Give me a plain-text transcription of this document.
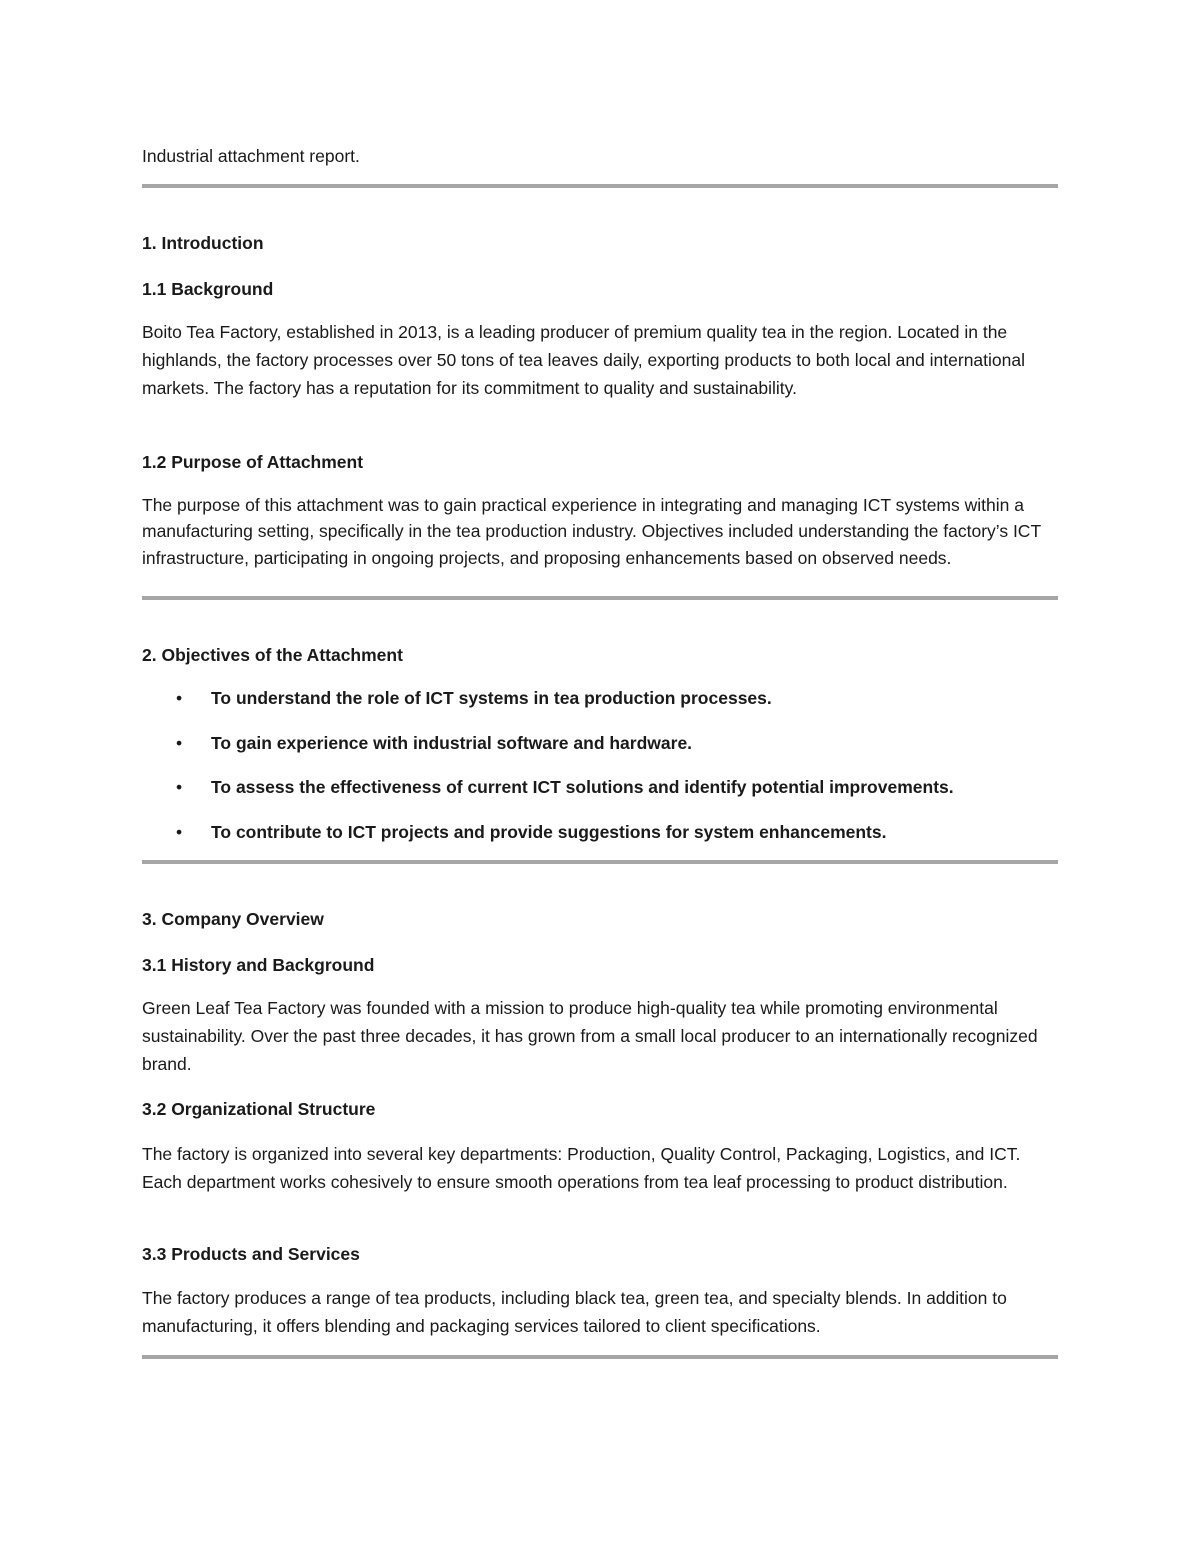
Industrial attachment report.
1. Introduction
1.1 Background
Boito Tea Factory, established in 2013, is a leading producer of premium quality tea in the region. Located in the highlands, the factory processes over 50 tons of tea leaves daily, exporting products to both local and international markets. The factory has a reputation for its commitment to quality and sustainability.
1.2 Purpose of Attachment
The purpose of this attachment was to gain practical experience in integrating and managing ICT systems within a manufacturing setting, specifically in the tea production industry. Objectives included understanding the factory’s ICT infrastructure, participating in ongoing projects, and proposing enhancements based on observed needs.
2. Objectives of the Attachment
• To understand the role of ICT systems in tea production processes.
• To gain experience with industrial software and hardware.
• To assess the effectiveness of current ICT solutions and identify potential improvements.
• To contribute to ICT projects and provide suggestions for system enhancements.
3. Company Overview
3.1 History and Background
Green Leaf Tea Factory was founded with a mission to produce high-quality tea while promoting environmental sustainability. Over the past three decades, it has grown from a small local producer to an internationally recognized brand.
3.2 Organizational Structure
The factory is organized into several key departments: Production, Quality Control, Packaging, Logistics, and ICT. Each department works cohesively to ensure smooth operations from tea leaf processing to product distribution.
3.3 Products and Services
The factory produces a range of tea products, including black tea, green tea, and specialty blends. In addition to manufacturing, it offers blending and packaging services tailored to client specifications.
